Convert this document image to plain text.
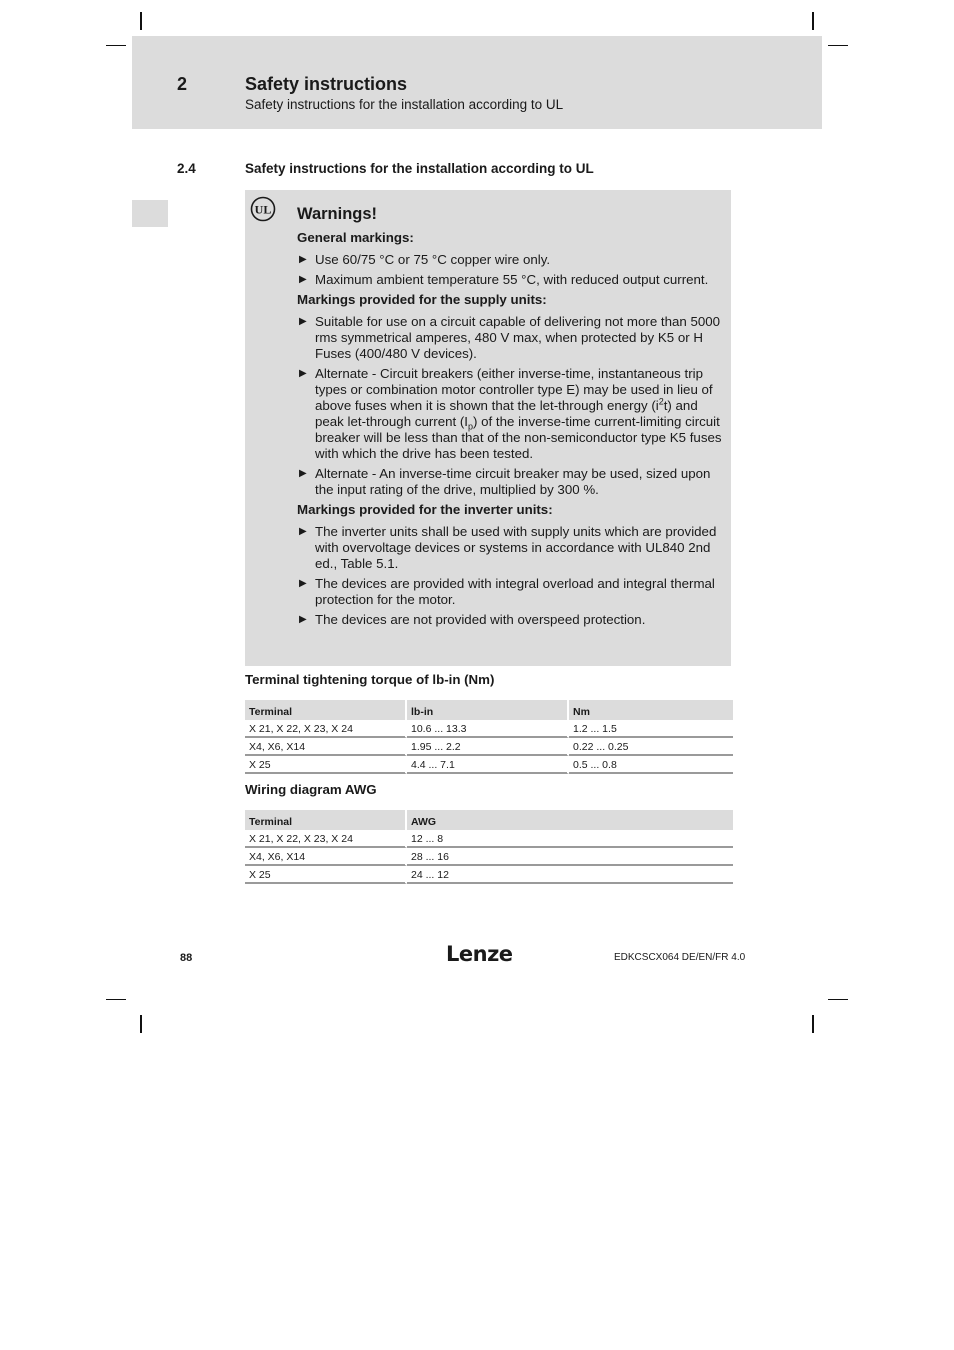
2	Safety instructions
Safety instructions for the installation according to UL
2.4	Safety instructions for the installation according to UL
UL Warnings!
General markings:
▶ Use 60/75 °C or 75 °C copper wire only.
▶ Maximum ambient temperature 55 °C, with reduced output current.
Markings provided for the supply units:
▶ Suitable for use on a circuit capable of delivering not more than 5000 rms symmetrical amperes, 480 V max, when protected by K5 or H Fuses (400/480 V devices).
▶ Alternate - Circuit breakers (either inverse-time, instantaneous trip types or combination motor controller type E) may be used in lieu of above fuses when it is shown that the let-through energy $(i^2t)$ and peak let-through current $(I_p)$ of the inverse-time current-limiting circuit breaker will be less than that of the non-semiconductor type K5 fuses with which the drive has been tested.
▶ Alternate - An inverse-time circuit breaker may be used, sized upon the input rating of the drive, multiplied by 300 %.
Markings provided for the inverter units:
▶ The inverter units shall be used with supply units which are provided with overvoltage devices or systems in accordance with UL840 2nd ed., Table 5.1.
▶ The devices are provided with integral overload and integral thermal protection for the motor.
▶ The devices are not provided with overspeed protection.
Terminal tightening torque of lb-in (Nm)
Terminal	lb-in	Nm
X 21, X 22, X 23, X 24	10.6 ... 13.3	1.2 ... 1.5
X4, X6, X14	1.95 ... 2.2	0.22 ... 0.25
X 25	4.4 ... 7.1	0.5 ... 0.8
Wiring diagram AWG
Terminal	AWG
X 21, X 22, X 23, X 24	12 ... 8
X4, X6, X14	28 ... 16
X 25	24 ... 12
88	Lenze	EDKCSCX064 DE/EN/FR 4.0
